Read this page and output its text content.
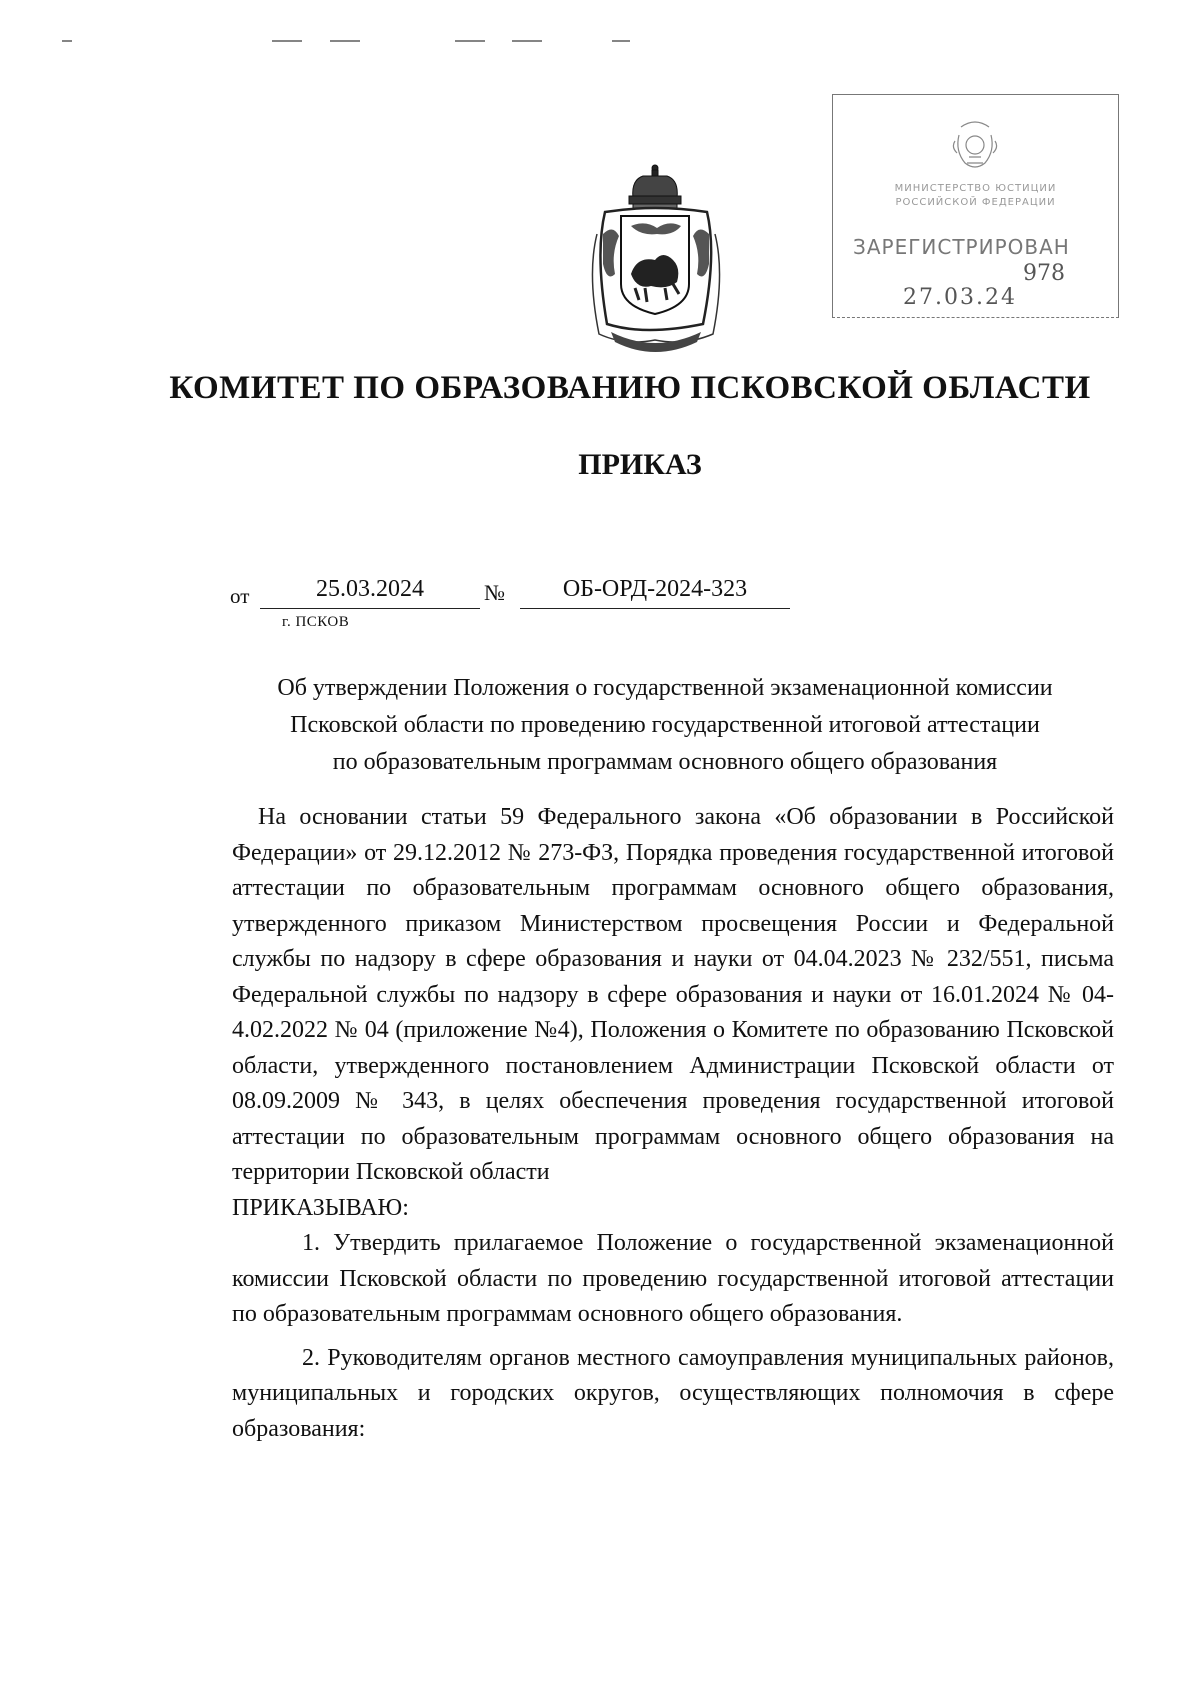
МИНИСТЕРСТВО ЮСТИЦИИ
РОССИЙСКОЙ ФЕДЕРАЦИИ
ЗАРЕГИСТРИРОВАН
978
27.03.24
КОМИТЕТ ПО ОБРАЗОВАНИЮ ПСКОВСКОЙ ОБЛАСТИ
ПРИКАЗ
от	25.03.2024	№	ОБ-ОРД-2024-323
г. ПСКОВ
Об утверждении Положения о государственной экзаменационной комиссии
Псковской области по проведению государственной итоговой аттестации
по образовательным программам основного общего образования

На основании статьи 59 Федерального закона «Об образовании в Российской Федерации» от 29.12.2012 № 273-ФЗ, Порядка проведения государственной итоговой аттестации по образовательным программам основного общего образования, утвержденного приказом Министерством просвещения России и Федеральной службы по надзору в сфере образования и науки от 04.04.2023 № 232/551, письма Федеральной службы по надзору в сфере образования и науки от 16.01.2024 № 04-4.02.2022 № 04 (приложение №4), Положения о Комитете по образованию Псковской области, утвержденного постановлением Администрации Псковской области от 08.09.2009 № 343, в целях обеспечения проведения государственной итоговой аттестации по образовательным программам основного общего образования на территории Псковской области

ПРИКАЗЫВАЮ:

1. Утвердить прилагаемое Положение о государственной экзаменационной комиссии Псковской области по проведению государственной итоговой аттестации по образовательным программам основного общего образования.

2. Руководителям органов местного самоуправления муниципальных районов, муниципальных и городских округов, осуществляющих полномочия в сфере образования:
